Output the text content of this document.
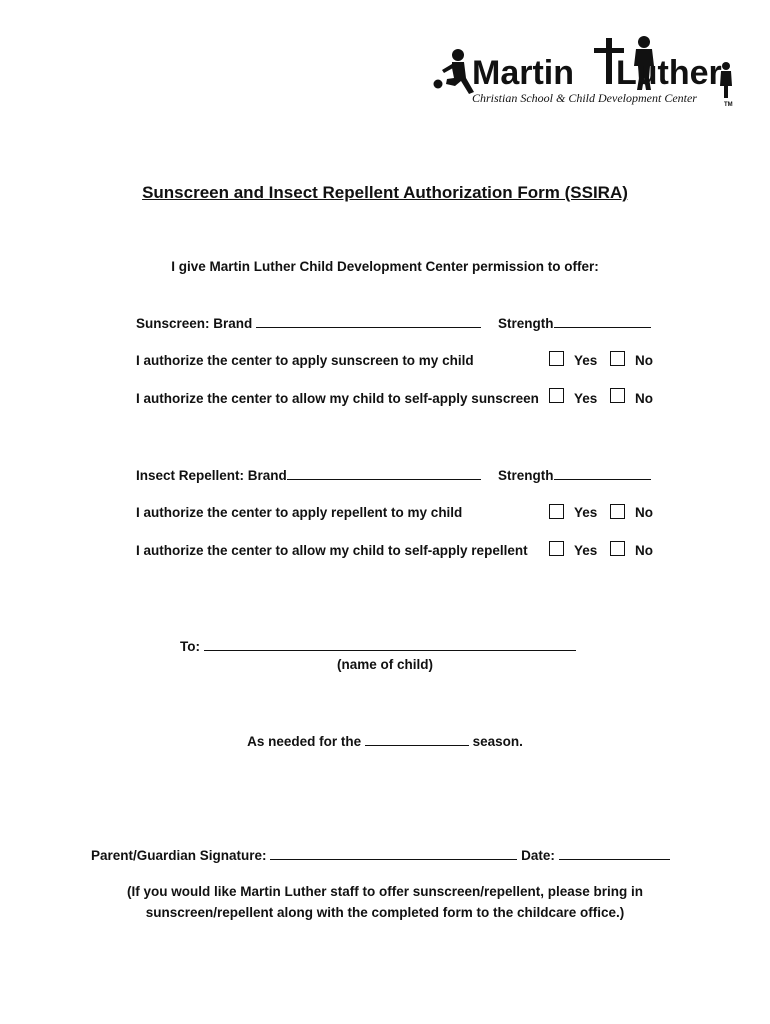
Martin Luther
Christian School & Child Development Center	TM
Sunscreen and Insect Repellent Authorization Form (SSIRA)
I give Martin Luther Child Development Center permission to offer:
Sunscreen: Brand	Strength
I authorize the center to apply sunscreen to my child	Yes	No
I authorize the center to allow my child to self-apply sunscreen	Yes	No
Insect Repellent: Brand	Strength
I authorize the center to apply repellent to my child	Yes	No
I authorize the center to allow my child to self-apply repellent	Yes	No
To:
(name of child)
As needed for the	season.
Parent/Guardian Signature:	Date:
(If you would like Martin Luther staff to offer sunscreen/repellent, please bring in
sunscreen/repellent along with the completed form to the childcare office.)
